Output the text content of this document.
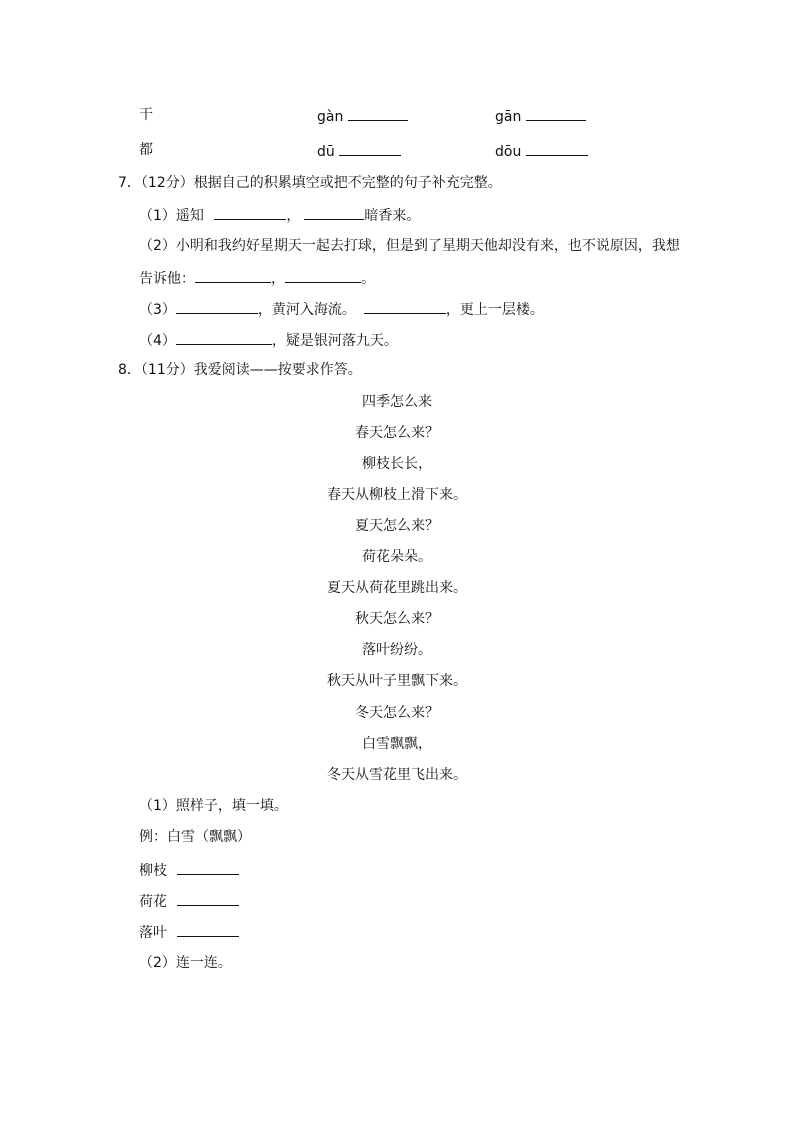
干	gàn	gān
都	dū	dōu
7．（12分）根据自己的积累填空或把不完整的句子补充完整。
（1）遥知	，	暗香来。
（2）小明和我约好星期天一起去打球，但是到了星期天他却没有来，也不说原因，我想
告诉他：	，	。
（3）	，黄河入海流。	，更上一层楼。
（4）	，疑是银河落九天。
8．（11分）我爱阅读——按要求作答。
四季怎么来
春天怎么来？
柳枝长长，
春天从柳枝上滑下来。
夏天怎么来？
荷花朵朵。
夏天从荷花里跳出来。
秋天怎么来？
落叶纷纷。
秋天从叶子里飘下来。
冬天怎么来？
白雪飘飘，
冬天从雪花里飞出来。
（1）照样子，填一填。
例：白雪（飘飘）
柳枝
荷花
落叶
（2）连一连。
